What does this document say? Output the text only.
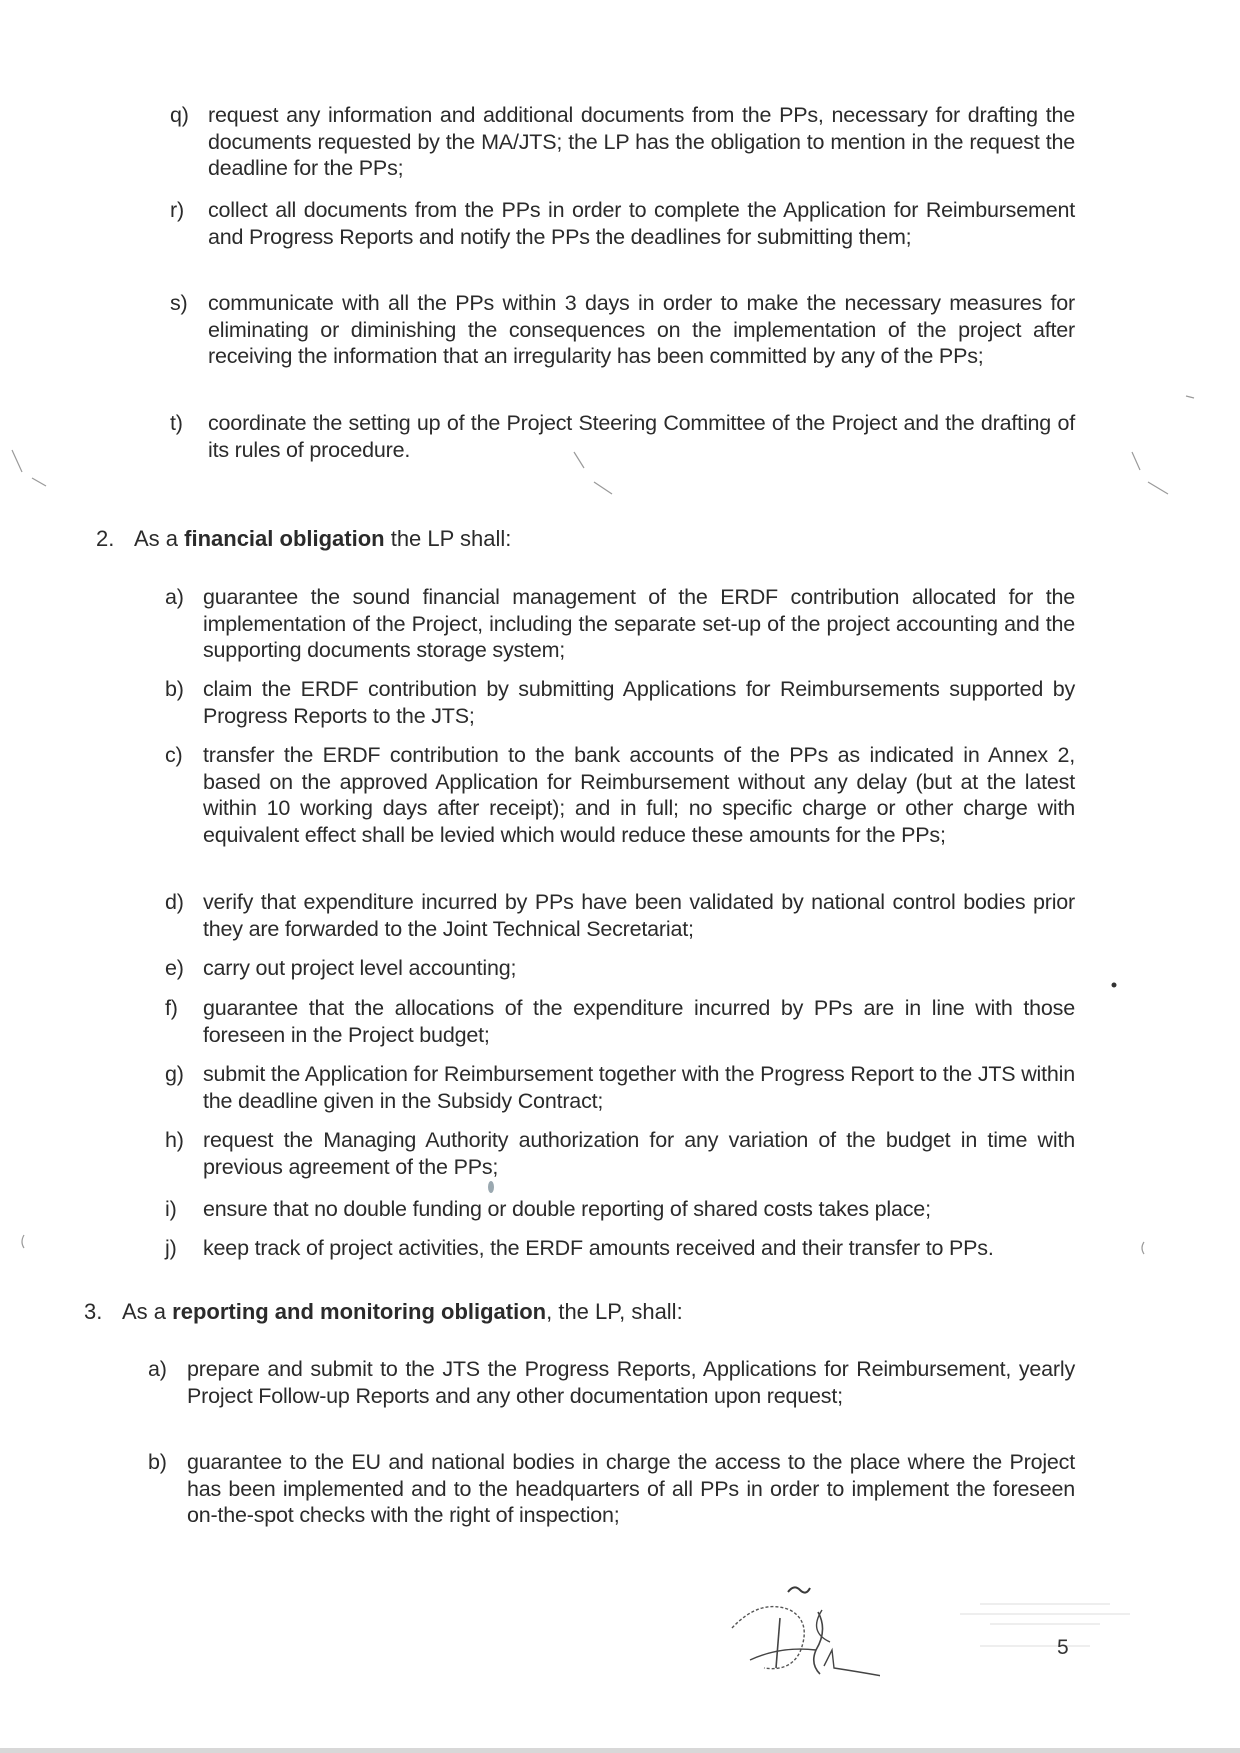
q) request any information and additional documents from the PPs, necessary for drafting the documents requested by the MA/JTS; the LP has the obligation to mention in the request the deadline for the PPs;
r)	collect all documents from the PPs in order to complete the Application for Reimbursement and Progress Reports and notify the PPs the deadlines for submitting them;
s) communicate with all the PPs within 3 days in order to make the necessary measures for eliminating or diminishing the consequences on the implementation of the project after receiving the information that an irregularity has been committed by any of the PPs;
t)	coordinate the setting up of the Project Steering Committee of the Project and the drafting of its rules of procedure.
2. As a financial obligation the LP shall:
a) guarantee the sound financial management of the ERDF contribution allocated for the implementation of the Project, including the separate set-up of the project accounting and the supporting documents storage system;
b) claim the ERDF contribution by submitting Applications for Reimbursements supported by Progress Reports to the JTS;
c) transfer the ERDF contribution to the bank accounts of the PPs as indicated in Annex 2, based on the approved Application for Reimbursement without any delay (but at the latest within 10 working days after receipt); and in full; no specific charge or other charge with equivalent effect shall be levied which would reduce these amounts for the PPs;
d) verify that expenditure incurred by PPs have been validated by national control bodies prior they are forwarded to the Joint Technical Secretariat;
e) carry out project level accounting;
f)	guarantee that the allocations of the expenditure incurred by PPs are in line with those foreseen in the Project budget;
g) submit the Application for Reimbursement together with the Progress Report to the JTS within the deadline given in the Subsidy Contract;
h) request the Managing Authority authorization for any variation of the budget in time with previous agreement of the PPs;
i)	ensure that no double funding or double reporting of shared costs takes place;
j)	keep track of project activities, the ERDF amounts received and their transfer to PPs.
3. As a reporting and monitoring obligation, the LP, shall:
a) prepare and submit to the JTS the Progress Reports, Applications for Reimbursement, yearly Project Follow-up Reports and any other documentation upon request;
b) guarantee to the EU and national bodies in charge the access to the place where the Project has been implemented and to the headquarters of all PPs in order to implement the foreseen on-the-spot checks with the right of inspection;
5
